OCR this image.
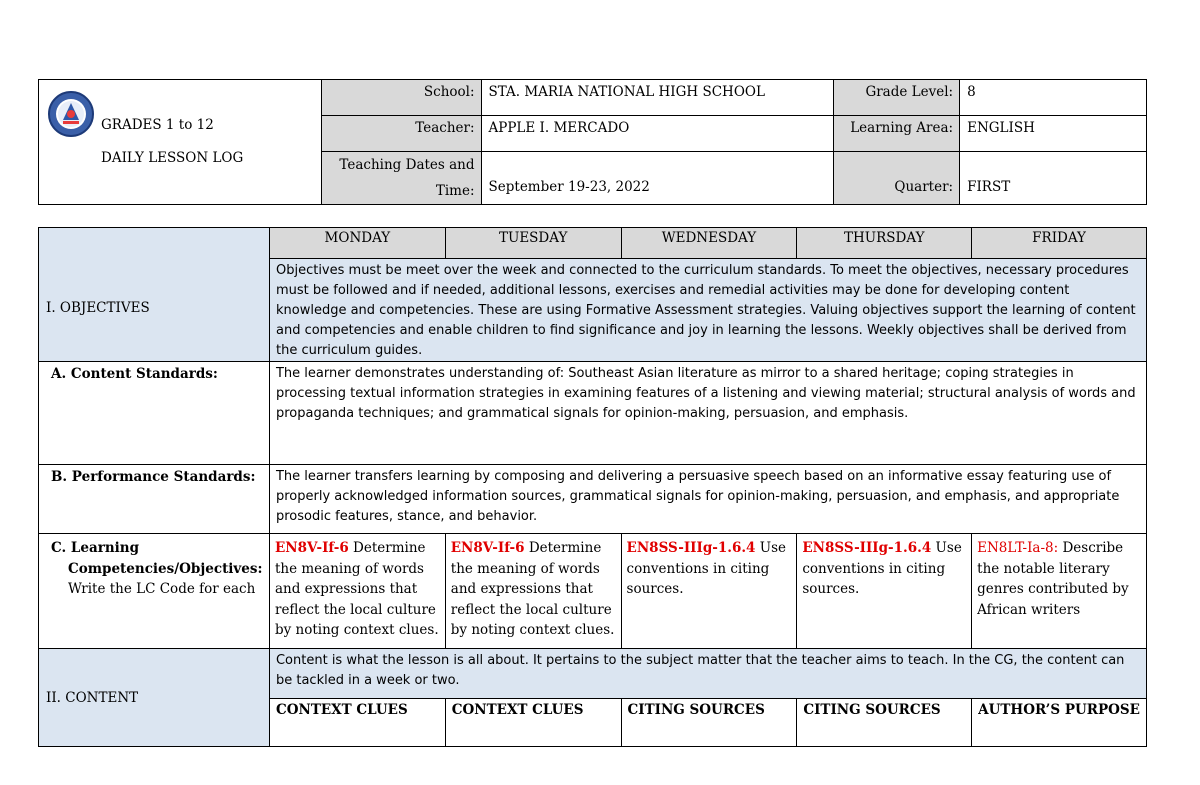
GRADES 1 to 12
DAILY LESSON LOG	School:	STA. MARIA NATIONAL HIGH SCHOOL	Grade Level:	8
	Teacher:	APPLE I. MERCADO	Learning Area:	ENGLISH
	Teaching Dates and
Time:	September 19-23, 2022	Quarter:	FIRST
I. OBJECTIVES	MONDAY	TUESDAY	WEDNESDAY	THURSDAY	FRIDAY
	Objectives must be meet over the week and connected to the curriculum standards. To meet the objectives, necessary procedures must be followed and if needed, additional lessons, exercises and remedial activities may be done for developing content knowledge and competencies. These are using Formative Assessment strategies. Valuing objectives support the learning of content and competencies and enable children to find significance and joy in learning the lessons. Weekly objectives shall be derived from the curriculum guides.				
A. Content Standards:	The learner demonstrates understanding of: Southeast Asian literature as mirror to a shared heritage; coping strategies in processing textual information strategies in examining features of a listening and viewing material; structural analysis of words and propaganda techniques; and grammatical signals for opinion-making, persuasion, and emphasis.				
B. Performance Standards:	The learner transfers learning by composing and delivering a persuasive speech based on an informative essay featuring use of properly acknowledged information sources, grammatical signals for opinion-making, persuasion, and emphasis, and appropriate prosodic features, stance, and behavior.				
C. Learning
Competencies/Objectives:
Write the LC Code for each	EN8V-If-6 Determine the meaning of words and expressions that reflect the local culture by noting context clues.	EN8V-If-6 Determine the meaning of words and expressions that reflect the local culture by noting context clues.	EN8SS-IIIg-1.6.4 Use conventions in citing sources.	EN8SS-IIIg-1.6.4 Use conventions in citing sources.	EN8LT-Ia-8: Describe the notable literary genres contributed by African writers
II. CONTENT	Content is what the lesson is all about. It pertains to the subject matter that the teacher aims to teach. In the CG, the content can be tackled in a week or two.				
	CONTEXT CLUES	CONTEXT CLUES	CITING SOURCES	CITING SOURCES	AUTHOR’S PURPOSE
